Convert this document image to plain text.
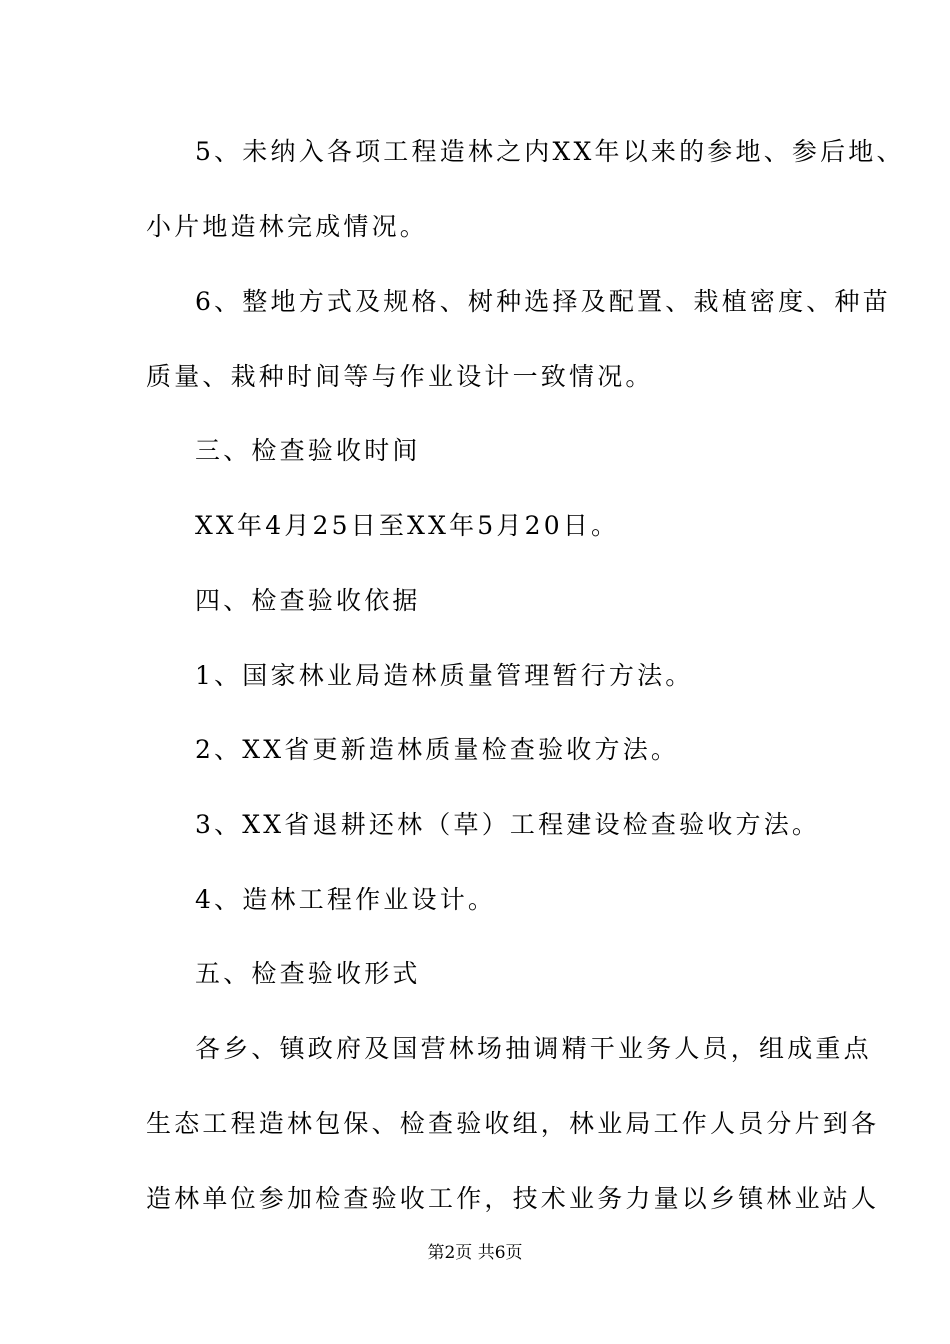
5、未纳入各项工程造林之内XX年以来的参地、参后地、
小片地造林完成情况。
6、整地方式及规格、树种选择及配置、栽植密度、种苗
质量、栽种时间等与作业设计一致情况。
三、检查验收时间
XX年4月25日至XX年5月20日。
四、检查验收依据
1、国家林业局造林质量管理暂行方法。
2、XX省更新造林质量检查验收方法。
3、XX省退耕还林（草）工程建设检查验收方法。
4、造林工程作业设计。
五、检查验收形式
各乡、镇政府及国营林场抽调精干业务人员，组成重点
生态工程造林包保、检查验收组，林业局工作人员分片到各
造林单位参加检查验收工作，技术业务力量以乡镇林业站人
第2页 共6页
